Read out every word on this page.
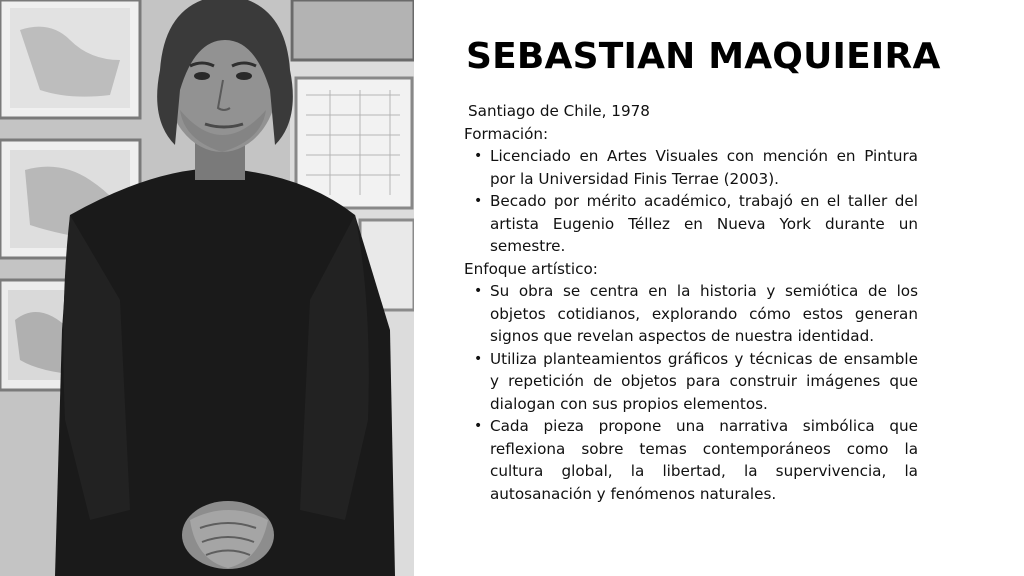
SEBASTIAN MAQUIEIRA

Santiago de Chile, 1978

Formación:

• Licenciado en Artes Visuales con mención en Pintura por la Universidad Finis Terrae (2003).
• Becado por mérito académico, trabajó en el taller del artista Eugenio Téllez en Nueva York durante un semestre.

Enfoque artístico:

• Su obra se centra en la historia y semiótica de los objetos cotidianos, explorando cómo estos generan signos que revelan aspectos de nuestra identidad.
• Utiliza planteamientos gráficos y técnicas de ensamble y repetición de objetos para construir imágenes que dialogan con sus propios elementos.
• Cada pieza propone una narrativa simbólica que reflexiona sobre temas contemporáneos como la cultura global, la libertad, la supervivencia, la autosanación y fenómenos naturales.
